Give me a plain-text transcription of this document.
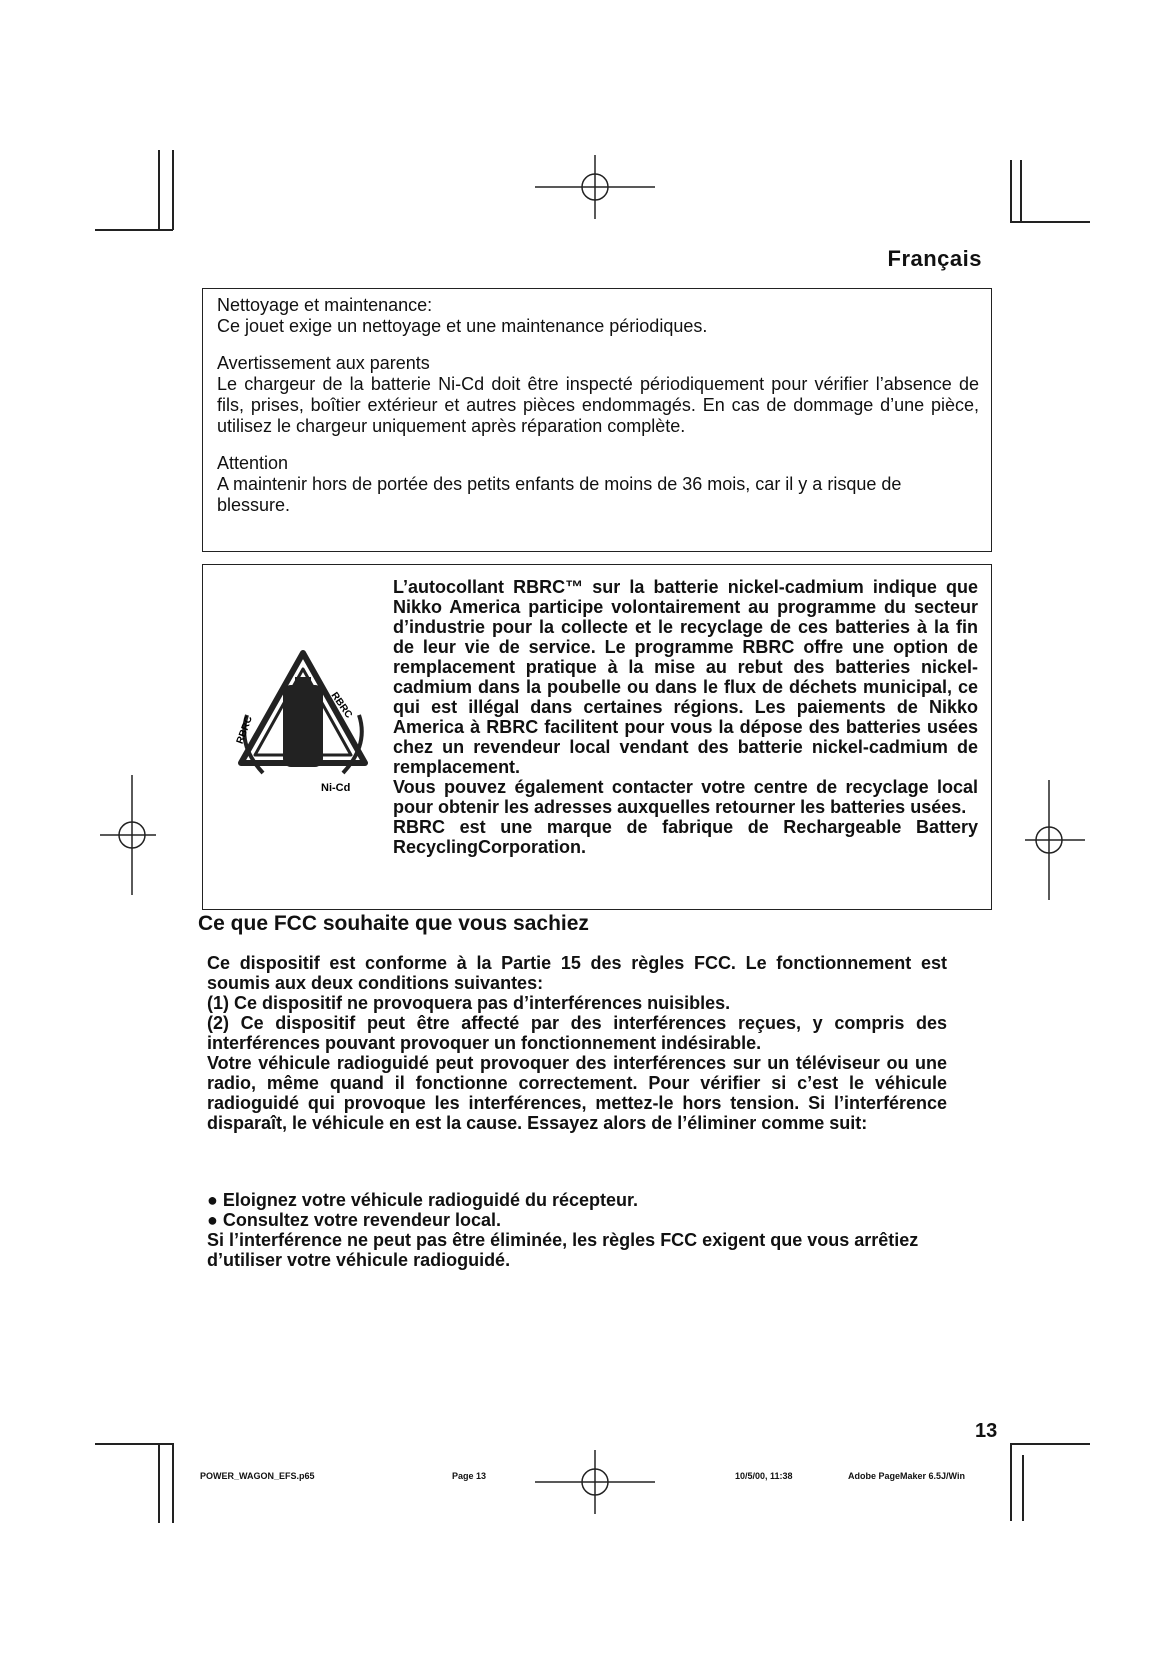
Français

Nettoyage et maintenance:

Ce jouet exige un nettoyage et une maintenance périodiques.

Avertissement aux parents

Le chargeur de la batterie Ni-Cd doit être inspecté périodiquement pour vérifier l’absence de fils, prises, boîtier extérieur et autres pièces endommagés. En cas de dommage d’une pièce, utilisez le chargeur uniquement après réparation complète.

Attention

A maintenir hors de portée des petits enfants de moins de 36 mois, car il y a risque de blessure.

RBRC
RBRC
Ni-Cd

L’autocollant RBRC™ sur la batterie nickel-cadmium indique que Nikko America participe volontairement au programme du secteur d’industrie pour la collecte et le recyclage de ces batteries à la fin de leur vie de service. Le programme RBRC offre une option de remplacement pratique à la mise au rebut des batteries nickel-cadmium dans la poubelle ou dans le flux de déchets municipal, ce qui est illégal dans certaines régions. Les paiements de Nikko America à RBRC facilitent pour vous la dépose des batteries usées chez un revendeur local vendant des batterie nickel-cadmium de remplacement.

Vous pouvez également contacter votre centre de recyclage local pour obtenir les adresses auxquelles retourner les batteries usées.

RBRC est une marque de fabrique de Rechargeable Battery RecyclingCorporation.

Ce que FCC souhaite que vous sachiez

Ce dispositif est conforme à la Partie 15 des règles FCC. Le fonctionnement est soumis aux deux conditions suivantes:

(1) Ce dispositif ne provoquera pas d’interférences nuisibles.

(2) Ce dispositif peut être affecté par des interférences reçues, y compris des interférences pouvant provoquer un fonctionnement indésirable.

Votre véhicule radioguidé peut provoquer des interférences sur un téléviseur ou une radio, même quand il fonctionne correctement. Pour vérifier si c’est le véhicule radioguidé qui provoque les interférences, mettez-le hors tension. Si l’interférence disparaît, le véhicule en est la cause. Essayez alors de l’éliminer comme suit:

● Eloignez votre véhicule radioguidé du récepteur.

● Consultez votre revendeur local.

Si l’interférence ne peut pas être éliminée, les règles FCC exigent que vous arrêtiez d’utiliser votre véhicule radioguidé.

13
POWER_WAGON_EFS.p65	Page 13	10/5/00, 11:38	Adobe PageMaker 6.5J/Win
